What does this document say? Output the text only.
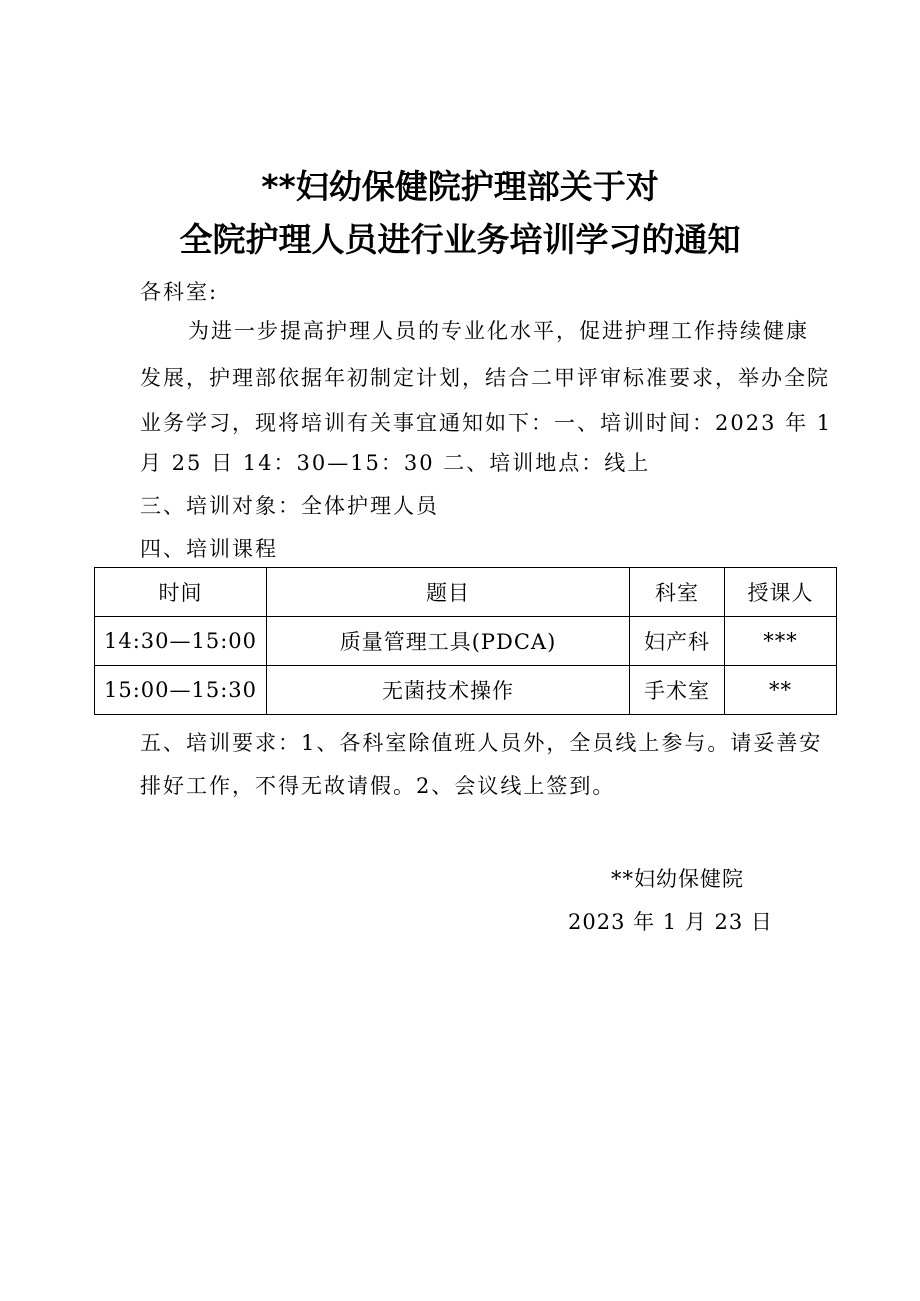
**妇幼保健院护理部关于对
全院护理人员进行业务培训学习的通知
各科室:
为进一步提高护理人员的专业化水平，促进护理工作持续健康
发展，护理部依据年初制定计划，结合二甲评审标准要求，举办全院
业务学习，现将培训有关事宜通知如下：一、培训时间：2023 年 1
月 25 日 14：30—15：30 二、培训地点：线上
三、培训对象：全体护理人员
四、培训课程
时间	题目	科室	授课人
14:30—15:00	质量管理工具(PDCA)	妇产科	***
15:00—15:30	无菌技术操作	手术室	**
五、培训要求：1、各科室除值班人员外，全员线上参与。请妥善安
排好工作，不得无故请假。2、会议线上签到。
**妇幼保健院
2023 年 1 月 23 日
